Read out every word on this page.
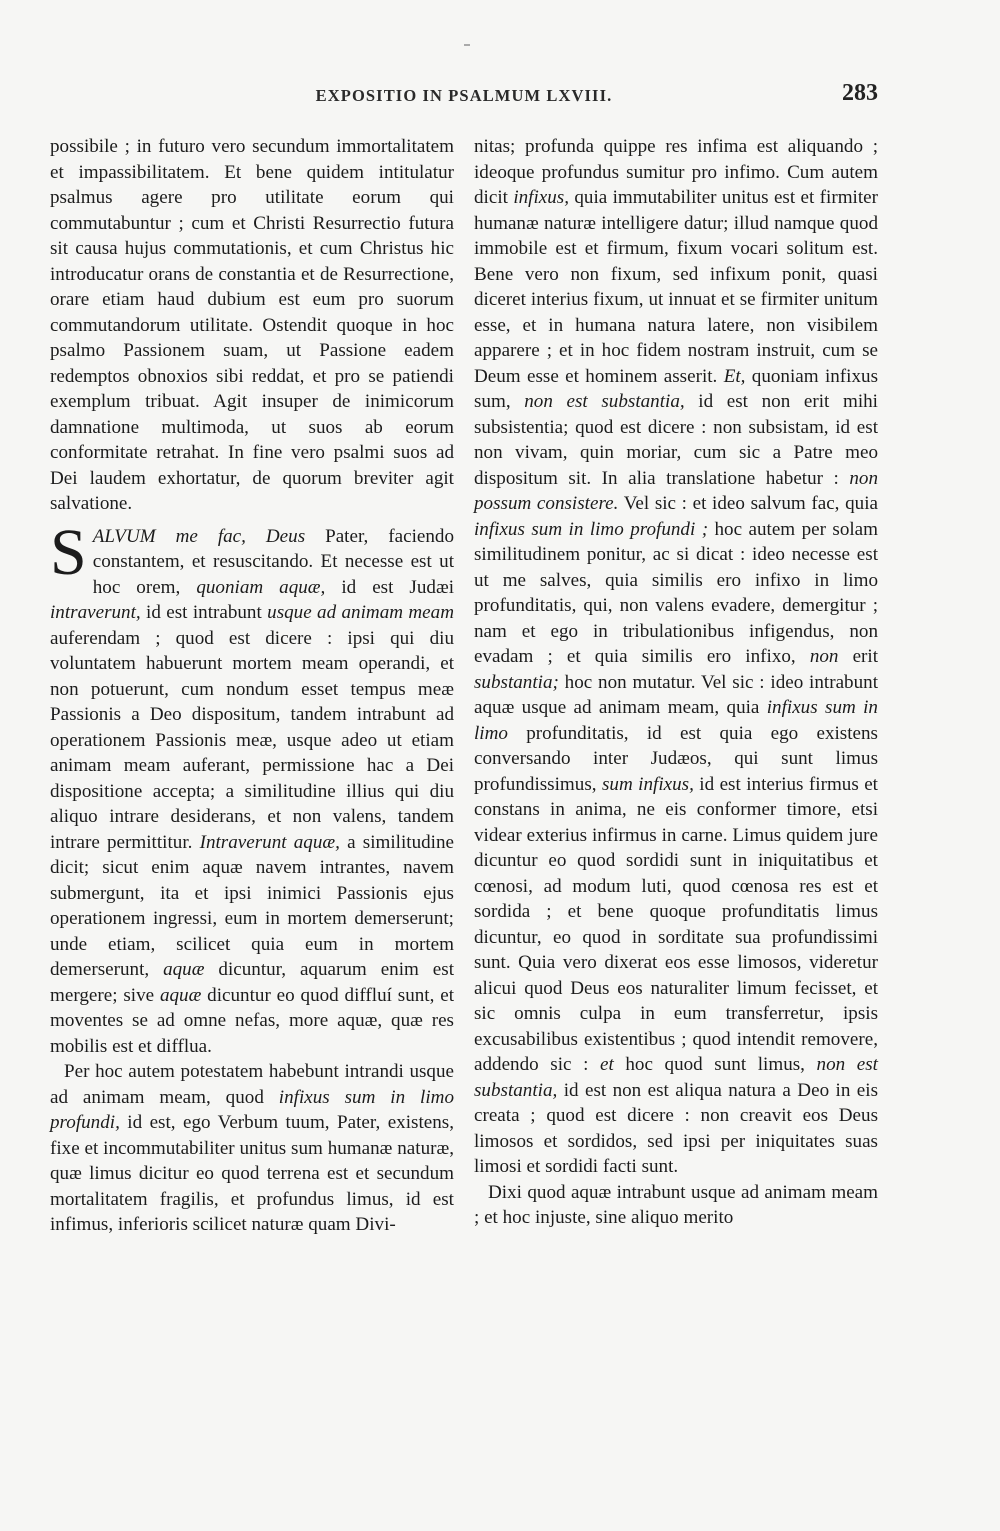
EXPOSITIO IN PSALMUM LXVIII.	283

possibile ; in futuro vero secundum immortalitatem et impassibilitatem. Et bene quidem intitulatur psalmus agere pro utilitate eorum qui commutabuntur ; cum et Christi Resurrectio futura sit causa hujus commutationis, et cum Christus hic introducatur orans de constantia et de Resurrectione, orare etiam haud dubium est eum pro suorum commutandorum utilitate. Ostendit quoque in hoc psalmo Passionem suam, ut Passione eadem redemptos obnoxios sibi reddat, et pro se patiendi exemplum tribuat. Agit insuper de inimicorum damnatione multimoda, ut suos ab eorum conformitate retrahat. In fine vero psalmi suos ad Dei laudem exhortatur, de quorum breviter agit salvatione.

SALVUM me fac, Deus Pater, faciendo constantem, et resuscitando. Et necesse est ut hoc orem, quoniam aquæ, id est Judæi intraverunt, id est intrabunt usque ad animam meam auferendam ; quod est dicere : ipsi qui diu voluntatem habuerunt mortem meam operandi, et non potuerunt, cum nondum esset tempus meæ Passionis a Deo dispositum, tandem intrabunt ad operationem Passionis meæ, usque adeo ut etiam animam meam auferant, permissione hac a Dei dispositione accepta; a similitudine illius qui diu aliquo intrare desiderans, et non valens, tandem intrare permittitur. Intraverunt aquæ, a similitudine dicit; sicut enim aquæ navem intrantes, navem submergunt, ita et ipsi inimici Passionis ejus operationem ingressi, eum in mortem demerserunt; unde etiam, scilicet quia eum in mortem demerserunt, aquæ dicuntur, aquarum enim est mergere; sive aquæ dicuntur eo quod diffluí sunt, et moventes se ad omne nefas, more aquæ, quæ res mobilis est et difflua.

Per hoc autem potestatem habebunt intrandi usque ad animam meam, quod infixus sum in limo profundi, id est, ego Verbum tuum, Pater, existens, fixe et incommutabiliter unitus sum humanæ naturæ, quæ limus dicitur eo quod terrena est et secundum mortalitatem fragilis, et profundus limus, id est infimus, inferioris scilicet naturæ quam Divi-

nitas; profunda quippe res infima est aliquando ; ideoque profundus sumitur pro infimo. Cum autem dicit infixus, quia immutabiliter unitus est et firmiter humanæ naturæ intelligere datur; illud namque quod immobile est et firmum, fixum vocari solitum est. Bene vero non fixum, sed infixum ponit, quasi diceret interius fixum, ut innuat et se firmiter unitum esse, et in humana natura latere, non visibilem apparere ; et in hoc fidem nostram instruit, cum se Deum esse et hominem asserit. Et, quoniam infixus sum, non est substantia, id est non erit mihi subsistentia; quod est dicere : non subsistam, id est non vivam, quin moriar, cum sic a Patre meo dispositum sit. In alia translatione habetur : non possum consistere. Vel sic : et ideo salvum fac, quia infixus sum in limo profundi ; hoc autem per solam similitudinem ponitur, ac si dicat : ideo necesse est ut me salves, quia similis ero infixo in limo profunditatis, qui, non valens evadere, demergitur ; nam et ego in tribulationibus infigendus, non evadam ; et quia similis ero infixo, non erit substantia; hoc non mutatur. Vel sic : ideo intrabunt aquæ usque ad animam meam, quia infixus sum in limo profunditatis, id est quia ego existens conversando inter Judæos, qui sunt limus profundissimus, sum infixus, id est interius firmus et constans in anima, ne eis conformer timore, etsi videar exterius infirmus in carne. Limus quidem jure dicuntur eo quod sordidi sunt in iniquitatibus et cœnosi, ad modum luti, quod cœnosa res est et sordida ; et bene quoque profunditatis limus dicuntur, eo quod in sorditate sua profundissimi sunt. Quia vero dixerat eos esse limosos, videretur alicui quod Deus eos naturaliter limum fecisset, et sic omnis culpa in eum transferretur, ipsis excusabilibus existentibus ; quod intendit removere, addendo sic : et hoc quod sunt limus, non est substantia, id est non est aliqua natura a Deo in eis creata ; quod est dicere : non creavit eos Deus limosos et sordidos, sed ipsi per iniquitates suas limosi et sordidi facti sunt.

Dixi quod aquæ intrabunt usque ad animam meam ; et hoc injuste, sine aliquo merito
